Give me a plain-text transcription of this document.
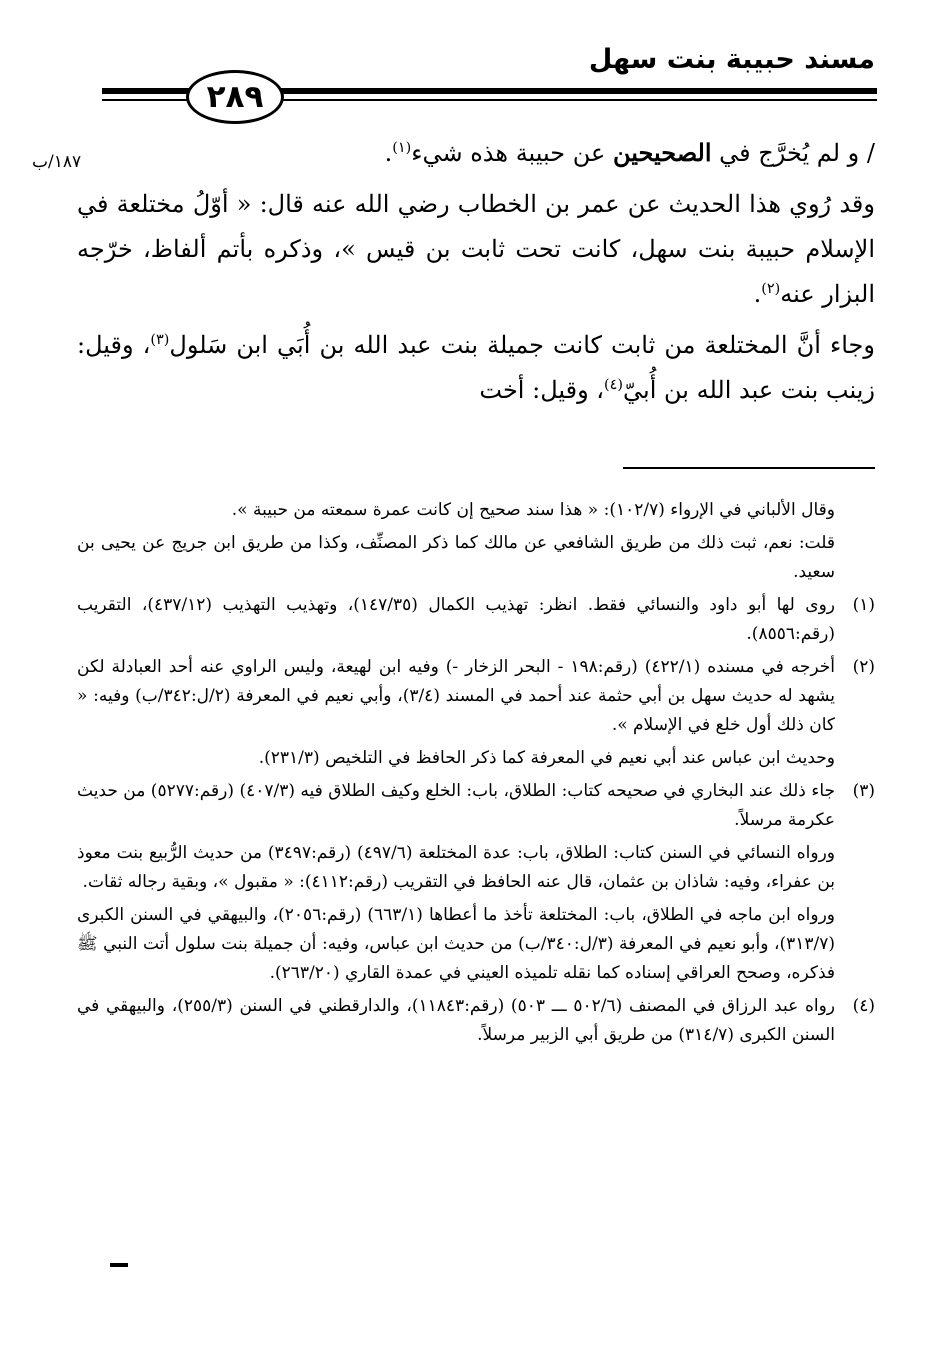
مسند حبيبة بنت سهل
٢٨٩
١٨٧/ب	/ و لم يُخرَّج في الصحيحين عن حبيبة هذه شيء$^{(١)}$.

وقد رُوي هذا الحديث عن عمر بن الخطاب رضي الله عنه قال: « أوّلُ مختلعة في الإسلام حبيبة بنت سهل، كانت تحت ثابت بن قيس »، وذكره بأتم ألفاظ، خرّجه البزار عنه$^{(٢)}$.

وجاء أنَّ المختلعة من ثابت كانت جميلة بنت عبد الله بن أُبَي ابن سَلول$^{(٣)}$، وقيل: زينب بنت عبد الله بن أُبيّ$^{(٤)}$، وقيل: أخت

وقال الألباني في الإرواء (١٠٢/٧): « هذا سند صحيح إن كانت عمرة سمعته من حبيبة ».

قلت: نعم، ثبت ذلك من طريق الشافعي عن مالك كما ذكر المصنِّف، وكذا من طريق ابن جريج عن يحيى بن سعيد.

(١)
روى لها أبو داود والنسائي فقط. انظر: تهذيب الكمال (١٤٧/٣٥)، وتهذيب التهذيب (٤٣٧/١٢)، التقريب (رقم:٨٥٥٦).

(٢)
أخرجه في مسنده (٤٢٢/١) (رقم:١٩٨ - البحر الزخار -) وفيه ابن لهيعة، وليس الراوي عنه أحد العبادلة لكن يشهد له حديث سهل بن أبي حثمة عند أحمد في المسند (٣/٤)، وأبي نعيم في المعرفة (٢/ل:٣٤٢/ب) وفيه: « كان ذلك أول خلع في الإسلام ».

وحديث ابن عباس عند أبي نعيم في المعرفة كما ذكر الحافظ في التلخيص (٢٣١/٣).

(٣)
جاء ذلك عند البخاري في صحيحه كتاب: الطلاق، باب: الخلع وكيف الطلاق فيه (٤٠٧/٣) (رقم:٥٢٧٧) من حديث عكرمة مرسلاً.

ورواه النسائي في السنن كتاب: الطلاق، باب: عدة المختلعة (٤٩٧/٦) (رقم:٣٤٩٧) من حديث الرُّبيع بنت معوذ بن عفراء، وفيه: شاذان بن عثمان، قال عنه الحافظ في التقريب (رقم:٤١١٢): « مقبول »، وبقية رجاله ثقات.

ورواه ابن ماجه في الطلاق، باب: المختلعة تأخذ ما أعطاها (٦٦٣/١) (رقم:٢٠٥٦)، والبيهقي في السنن الكبرى (٣١٣/٧)، وأبو نعيم في المعرفة (٣/ل:٣٤٠/ب) من حديث ابن عباس، وفيه: أن جميلة بنت سلول أتت النبي ﷺ فذكره، وصحح العراقي إسناده كما نقله تلميذه العيني في عمدة القاري (٢٦٣/٢٠).

(٤)
رواه عبد الرزاق في المصنف (٥٠٢/٦ ـــ ٥٠٣) (رقم:١١٨٤٣)، والدارقطني في السنن (٢٥٥/٣)، والبيهقي في السنن الكبرى (٣١٤/٧) من طريق أبي الزبير مرسلاً.
